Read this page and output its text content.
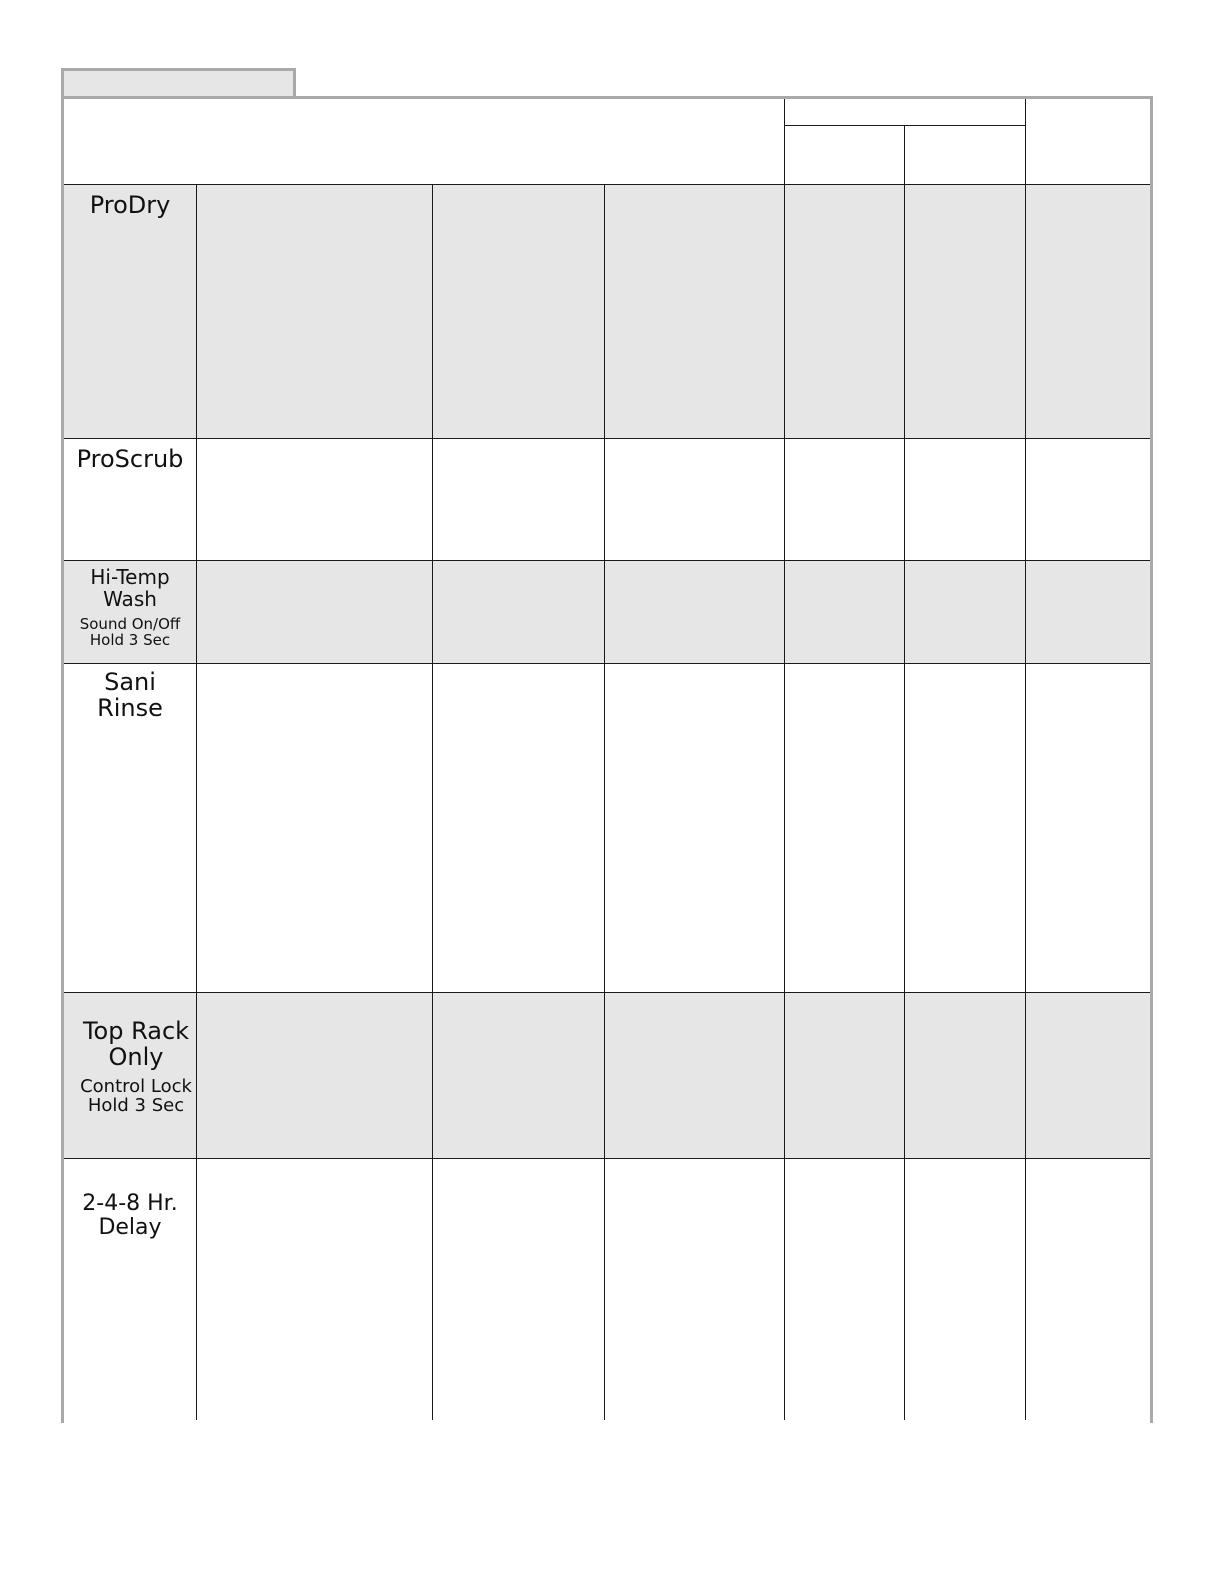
ProDry
ProScrub
Hi-Temp
Wash
Sound On/Off
Hold 3 Sec
Sani
Rinse
Top Rack
Only
Control Lock
Hold 3 Sec
2-4-8 Hr.
Delay
